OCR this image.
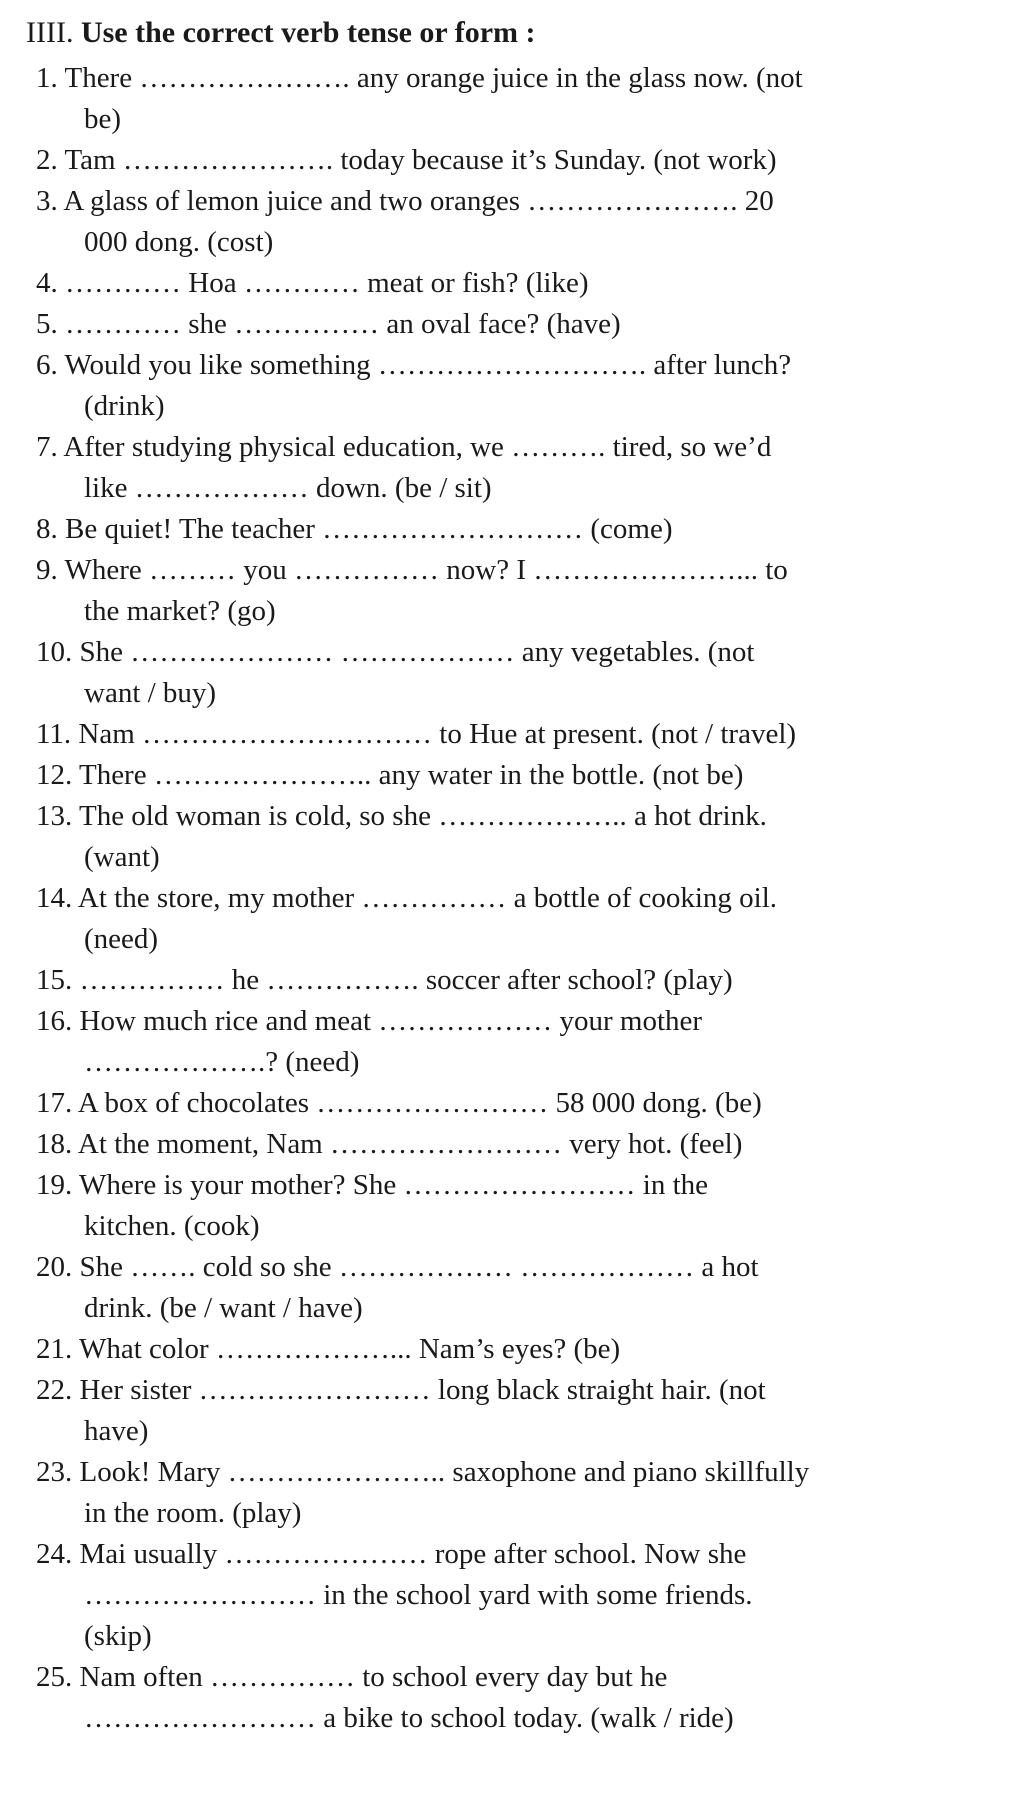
IIII. Use the correct verb tense or form :
1. There …………………. any orange juice in the glass now. (not
be)
2. Tam …………………. today because it’s Sunday. (not work)
3. A glass of lemon juice and two oranges …………………. 20
000 dong. (cost)
4. ………… Hoa ………… meat or fish? (like)
5. ………… she …………… an oval face? (have)
6. Would you like something ………………………. after lunch?
(drink)
7. After studying physical education, we ………. tired, so we’d
like ……………… down. (be / sit)
8. Be quiet! The teacher ……………………… (come)
9. Where ……… you …………… now? I …………………... to
the market? (go)
10. She ………………… ……………… any vegetables. (not
want / buy)
11. Nam ………………………… to Hue at present. (not / travel)
12. There ………………….. any water in the bottle. (not be)
13. The old woman is cold, so she ……………….. a hot drink.
(want)
14. At the store, my mother …………… a bottle of cooking oil.
(need)
15. …………… he ……………. soccer after school? (play)
16. How much rice and meat ……………… your mother
……………….? (need)
17. A box of chocolates …………………… 58 000 dong. (be)
18. At the moment, Nam …………………… very hot. (feel)
19. Where is your mother? She …………………… in the
kitchen. (cook)
20. She ……. cold so she ……………… ……………… a hot
drink. (be / want / have)
21. What color ………………... Nam’s eyes? (be)
22. Her sister …………………… long black straight hair. (not
have)
23. Look! Mary ………………….. saxophone and piano skillfully
in the room. (play)
24. Mai usually ………………… rope after school. Now she
…………………… in the school yard with some friends.
(skip)
25. Nam often …………… to school every day but he
…………………… a bike to school today. (walk / ride)
